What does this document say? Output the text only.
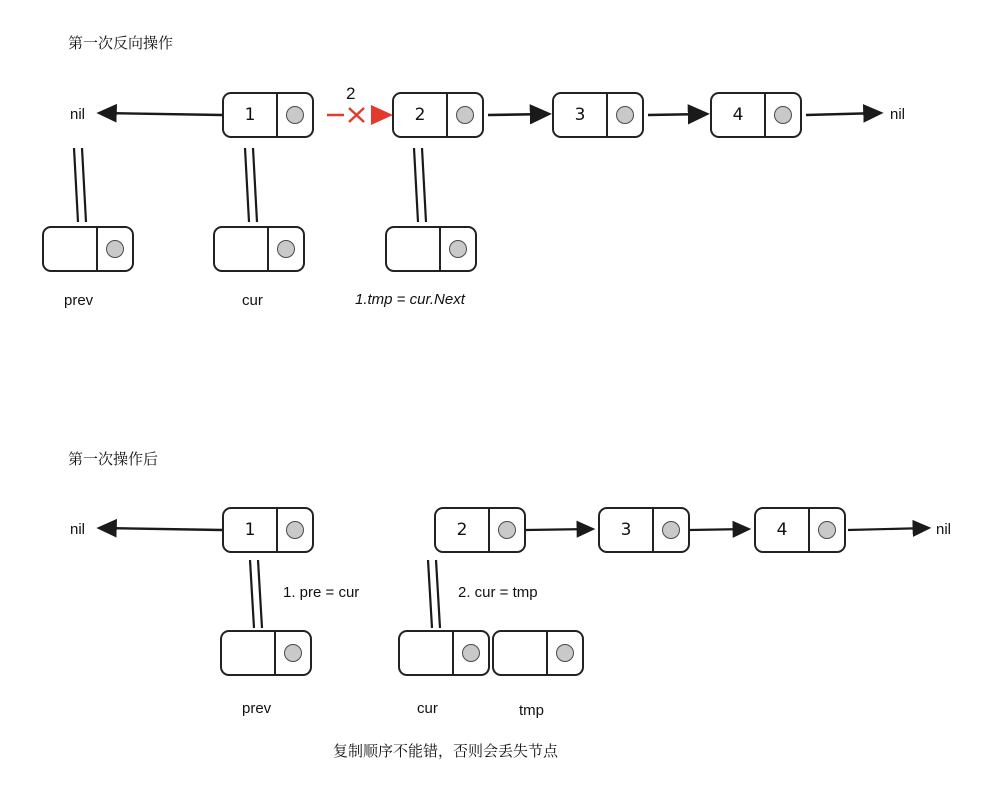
第一次反向操作
nil	nil
2
1	2	3	4
prev	cur	1.tmp = cur.Next
第一次操作后
nil	nil
1	2	3	4
1. pre = cur	2. cur = tmp
prev	cur	tmp
复制顺序不能错，否则会丢失节点
